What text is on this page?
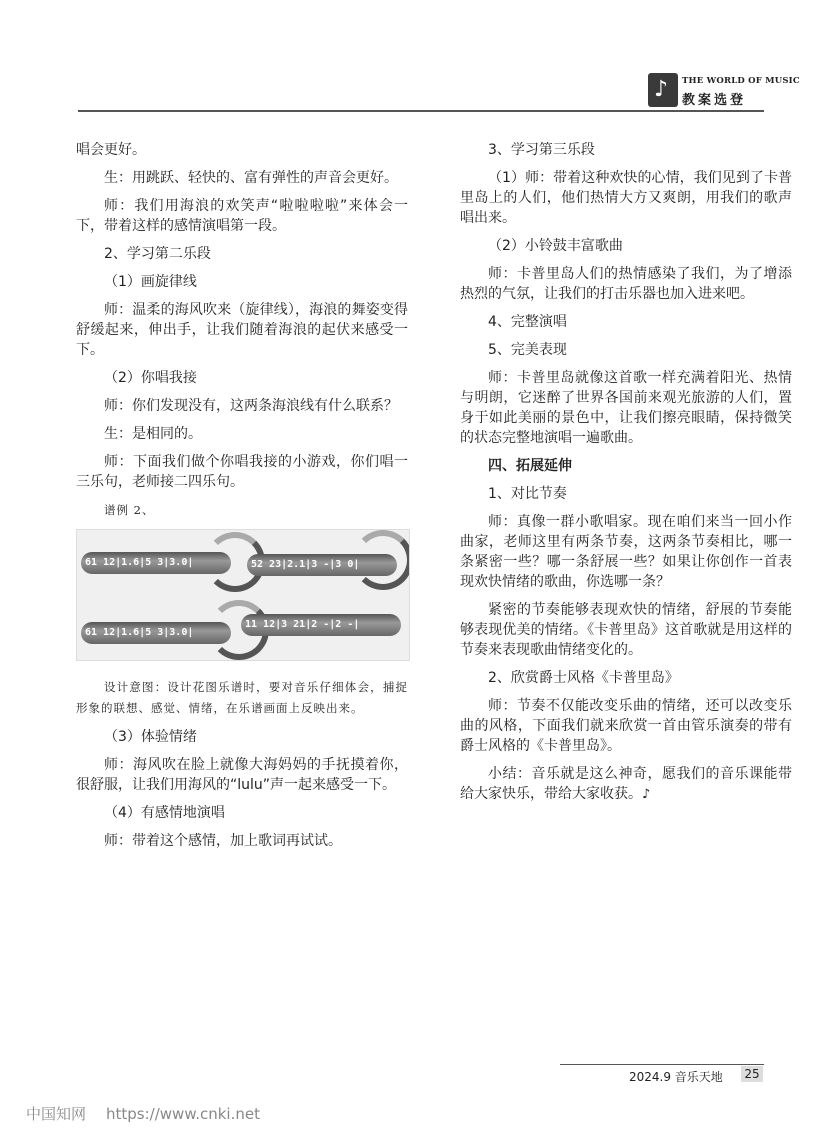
♪ THE WORLD OF MUSIC
教案选登

唱会更好。

生：用跳跃、轻快的、富有弹性的声音会更好。

师：我们用海浪的欢笑声“啦啦啦啦”来体会一下，带着这样的感情演唱第一段。

2、学习第二乐段

（1）画旋律线

师：温柔的海风吹来（旋律线），海浪的舞姿变得舒缓起来，伸出手，让我们随着海浪的起伏来感受一下。

（2）你唱我接

师：你们发现没有，这两条海浪线有什么联系？

生：是相同的。

师：下面我们做个你唱我接的小游戏，你们唱一三乐句，老师接二四乐句。

谱例 2、

61 12|1.6|5 3|3.0|	52 23|2.1|3 -|3 0|
61 12|1.6|5 3|3.0|
11 12|3 21|2 -|2 -|

设计意图：设计花图乐谱时，要对音乐仔细体会，捕捉形象的联想、感觉、情绪，在乐谱画面上反映出来。

（3）体验情绪

师：海风吹在脸上就像大海妈妈的手抚摸着你，很舒服，让我们用海风的“lulu”声一起来感受一下。

（4）有感情地演唱

师：带着这个感情，加上歌词再试试。

3、学习第三乐段

（1）师：带着这种欢快的心情，我们见到了卡普里岛上的人们，他们热情大方又爽朗，用我们的歌声唱出来。

（2）小铃鼓丰富歌曲

师：卡普里岛人们的热情感染了我们，为了增添热烈的气氛，让我们的打击乐器也加入进来吧。

4、完整演唱

5、完美表现

师：卡普里岛就像这首歌一样充满着阳光、热情与明朗，它迷醉了世界各国前来观光旅游的人们，置身于如此美丽的景色中，让我们擦亮眼睛，保持微笑的状态完整地演唱一遍歌曲。

四、拓展延伸

1、对比节奏

师：真像一群小歌唱家。现在咱们来当一回小作曲家，老师这里有两条节奏，这两条节奏相比，哪一条紧密一些？哪一条舒展一些？如果让你创作一首表现欢快情绪的歌曲，你选哪一条？

紧密的节奏能够表现欢快的情绪，舒展的节奏能够表现优美的情绪。《卡普里岛》这首歌就是用这样的节奏来表现歌曲情绪变化的。

2、欣赏爵士风格《卡普里岛》

师：节奏不仅能改变乐曲的情绪，还可以改变乐曲的风格，下面我们就来欣赏一首由管乐演奏的带有爵士风格的《卡普里岛》。

小结：音乐就是这么神奇，愿我们的音乐课能带给大家快乐，带给大家收获。♪

2024.9 音乐天地 25
中国知网 https://www.cnki.net
